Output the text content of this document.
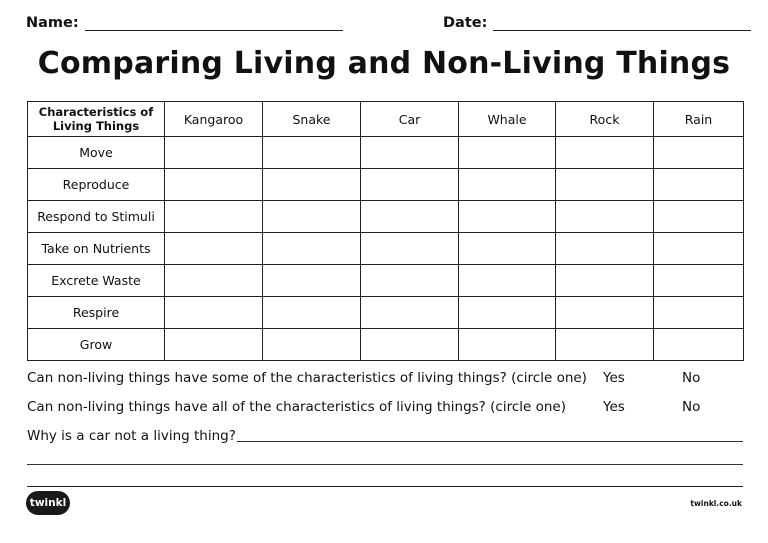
Name:	Date:
Comparing Living and Non-Living Things
Characteristics of Living Things	Kangaroo	Snake	Car	Whale	Rock	Rain
Move						
Reproduce						
Respond to Stimuli						
Take on Nutrients						
Excrete Waste						
Respire						
Grow						
Can non-living things have some of the characteristics of living things? (circle one) Yes	No
Can non-living things have all of the characteristics of living things? (circle one)	Yes	No
Why is a car not a living thing?
twinkl	twinkl.co.uk
